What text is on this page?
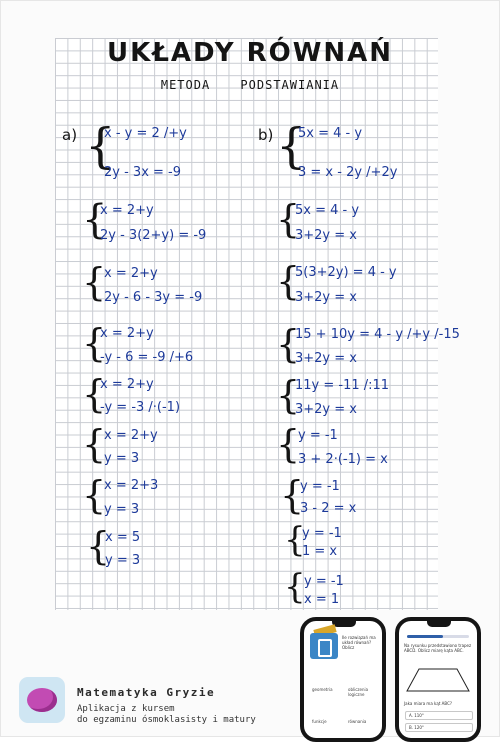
UKŁADY RÓWNAŃ
METODA PODSTAWIANIA
a) {
x - y = 2 /+y
2y - 3x = -9
{
x = 2+y
2y - 3(2+y) = -9
{
x = 2+y
2y - 6 - 3y = -9
{
x = 2+y
-y - 6 = -9 /+6
{
x = 2+y
-y = -3 /·(-1)
{
x = 2+y
y = 3
{
x = 2+3
y = 3
{
x = 5
y = 3
b) {
5x = 4 - y
3 = x - 2y /+2y
{
5x = 4 - y
3+2y = x
{
5(3+2y) = 4 - y
3+2y = x
{
15 + 10y = 4 - y /+y /-15
3+2y = x
{
11y = -11 /:11
3+2y = x
{
y = -1
3 + 2·(-1) = x
{
y = -1
3 - 2 = x
{
y = -1
1 = x
{
y = -1
x = 1
Matematyka Gryzie
Aplikacja z kursem
do egzaminu ósmoklasisty i matury
Ile rozwiązań ma układ równań? Oblicz
geometria	obliczenia logiczne
funkcje	równania
Na rysunku przedstawiono trapez ABCD. Oblicz miarę kąta ABC.
Jaka miara ma kąt ABC?
A. 110°
B. 120°
